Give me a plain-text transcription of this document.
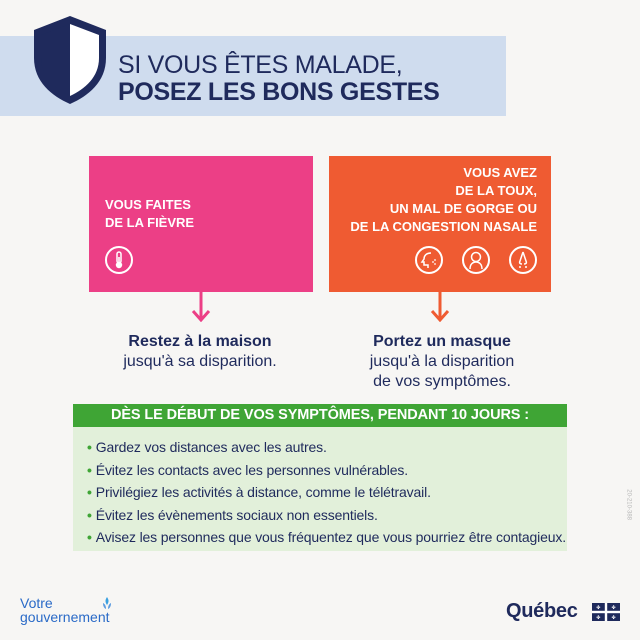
SI VOUS ÊTES MALADE,
POSEZ LES BONS GESTES
VOUS FAITES
DE LA FIÈVRE
VOUS AVEZ
DE LA TOUX,
UN MAL DE GORGE OU
DE LA CONGESTION NASALE
Restez à la maison
jusqu'à sa disparition.
Portez un masque
jusqu'à la disparition
de vos symptômes.
DÈS LE DÉBUT DE VOS SYMPTÔMES, PENDANT 10 JOURS :
• Gardez vos distances avec les autres.
• Évitez les contacts avec les personnes vulnérables.
• Privilégiez les activités à distance, comme le télétravail.
• Évitez les évènements sociaux non essentiels.
• Avisez les personnes que vous fréquentez que vous pourriez être contagieux.
20-210-388
Votre
gouvernement	Québec	✤ ✤
✤ ✤
